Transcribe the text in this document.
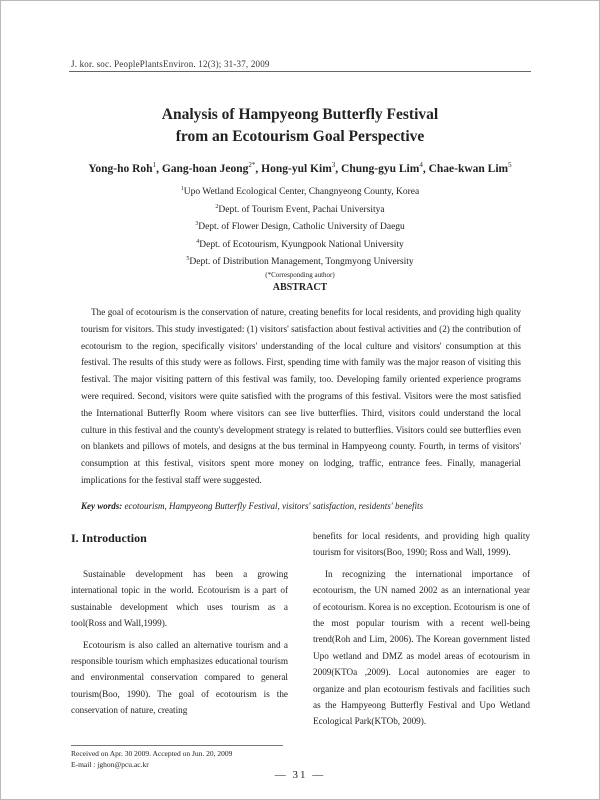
J. kor. soc. PeoplePlantsEnviron. 12(3); 31-37, 2009
Analysis of Hampyeong Butterfly Festival
from an Ecotourism Goal Perspective
Yong-ho Roh$^1$, Gang-hoan Jeong$^{2*}$, Hong-yul Kim$^3$, Chung-gyu Lim$^4$, Chae-kwan Lim$^5$
$^1$Upo Wetland Ecological Center, Changnyeong County, Korea
$^2$Dept. of Tourism Event, Pachai Universitya
$^3$Dept. of Flower Design, Catholic University of Daegu
$^4$Dept. of Ecotourism, Kyungpook National University
$^5$Dept. of Distribution Management, Tongmyong University
(*Corresponding author)
ABSTRACT

The goal of ecotourism is the conservation of nature, creating benefits for local residents, and providing high quality tourism for visitors. This study investigated: (1) visitors' satisfaction about festival activities and (2) the contribution of ecotourism to the region, specifically visitors' understanding of the local culture and visitors' consumption at this festival. The results of this study were as follows. First, spending time with family was the major reason of visiting this festival. The major visiting pattern of this festival was family, too. Developing family oriented experience programs were required. Second, visitors were quite satisfied with the programs of this festival. Visitors were the most satisfied the International Butterfly Room where visitors can see live butterflies. Third, visitors could understand the local culture in this festival and the county's development strategy is related to butterflies. Visitors could see butterflies even on blankets and pillows of motels, and designs at the bus terminal in Hampyeong county. Fourth, in terms of visitors' consumption at this festival, visitors spent more money on lodging, traffic, entrance fees. Finally, managerial implications for the festival staff were suggested.

Key words: ecotourism, Hampyeong Butterfly Festival, visitors' satisfaction, residents' benefits
I. Introduction

Sustainable development has been a growing international topic in the world. Ecotourism is a part of sustainable development which uses tourism as a tool(Ross and Wall,1999).

Ecotourism is also called an alternative tourism and a responsible tourism which emphasizes educational tourism and environmental conservation compared to general tourism(Boo, 1990). The goal of ecotourism is the conservation of nature, creating

benefits for local residents, and providing high quality tourism for visitors(Boo, 1990; Ross and Wall, 1999).

In recognizing the international importance of ecotourism, the UN named 2002 as an international year of ecotourism. Korea is no exception. Ecotourism is one of the most popular tourism with a recent well-being trend(Roh and Lim, 2006). The Korean government listed Upo wetland and DMZ as model areas of ecotourism in 2009(KTOa ,2009). Local autonomies are eager to organize and plan ecotourism festivals and facilities such as the Hampyeong Butterfly Festival and Upo Wetland Ecological Park(KTOb, 2009).

Received on Apr. 30 2009. Accepted on Jun. 20, 2009
E-mail : jghon@pcu.ac.kr
― 31 ―
